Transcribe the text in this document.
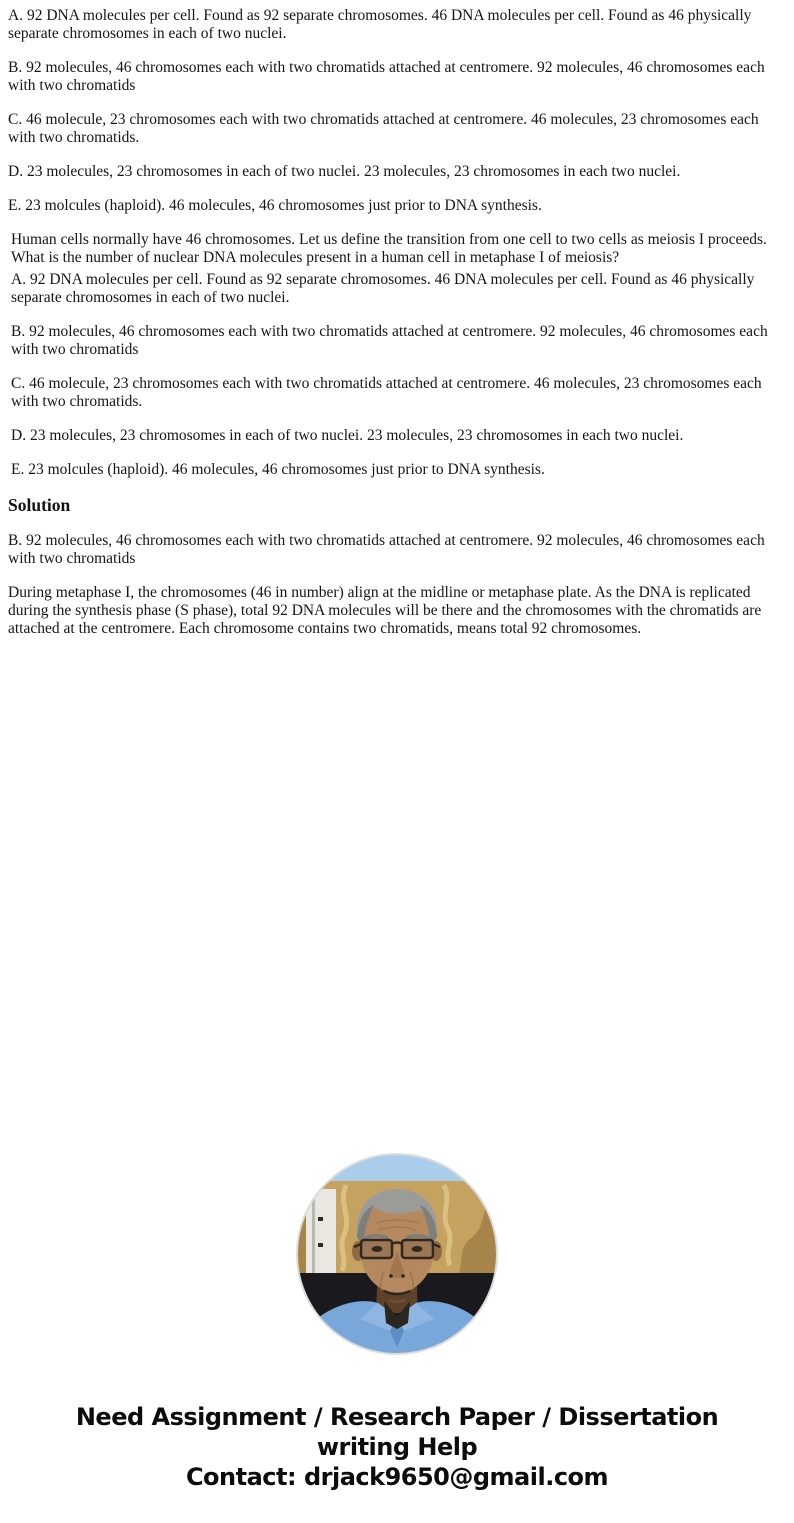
A. 92 DNA molecules per cell. Found as 92 separate chromosomes. 46 DNA molecules per cell. Found as 46 physically separate chromosomes in each of two nuclei.

B. 92 molecules, 46 chromosomes each with two chromatids attached at centromere. 92 molecules, 46 chromosomes each with two chromatids

C. 46 molecule, 23 chromosomes each with two chromatids attached at centromere. 46 molecules, 23 chromosomes each with two chromatids.

D. 23 molecules, 23 chromosomes in each of two nuclei. 23 molecules, 23 chromosomes in each two nuclei.

E. 23 molcules (haploid). 46 molecules, 46 chromosomes just prior to DNA synthesis.

Human cells normally have 46 chromosomes. Let us define the transition from one cell to two cells as meiosis I proceeds. What is the number of nuclear DNA molecules present in a human cell in metaphase I of meiosis?

A. 92 DNA molecules per cell. Found as 92 separate chromosomes. 46 DNA molecules per cell. Found as 46 physically separate chromosomes in each of two nuclei.

B. 92 molecules, 46 chromosomes each with two chromatids attached at centromere. 92 molecules, 46 chromosomes each with two chromatids

C. 46 molecule, 23 chromosomes each with two chromatids attached at centromere. 46 molecules, 23 chromosomes each with two chromatids.

D. 23 molecules, 23 chromosomes in each of two nuclei. 23 molecules, 23 chromosomes in each two nuclei.

E. 23 molcules (haploid). 46 molecules, 46 chromosomes just prior to DNA synthesis.

Solution

B. 92 molecules, 46 chromosomes each with two chromatids attached at centromere. 92 molecules, 46 chromosomes each with two chromatids

During metaphase I, the chromosomes (46 in number) align at the midline or metaphase plate. As the DNA is replicated during the synthesis phase (S phase), total 92 DNA molecules will be there and the chromosomes with the chromatids are attached at the centromere. Each chromosome contains two chromatids, means total 92 chromosomes.

Need Assignment / Research Paper / Dissertation
writing Help
Contact: drjack9650@gmail.com
